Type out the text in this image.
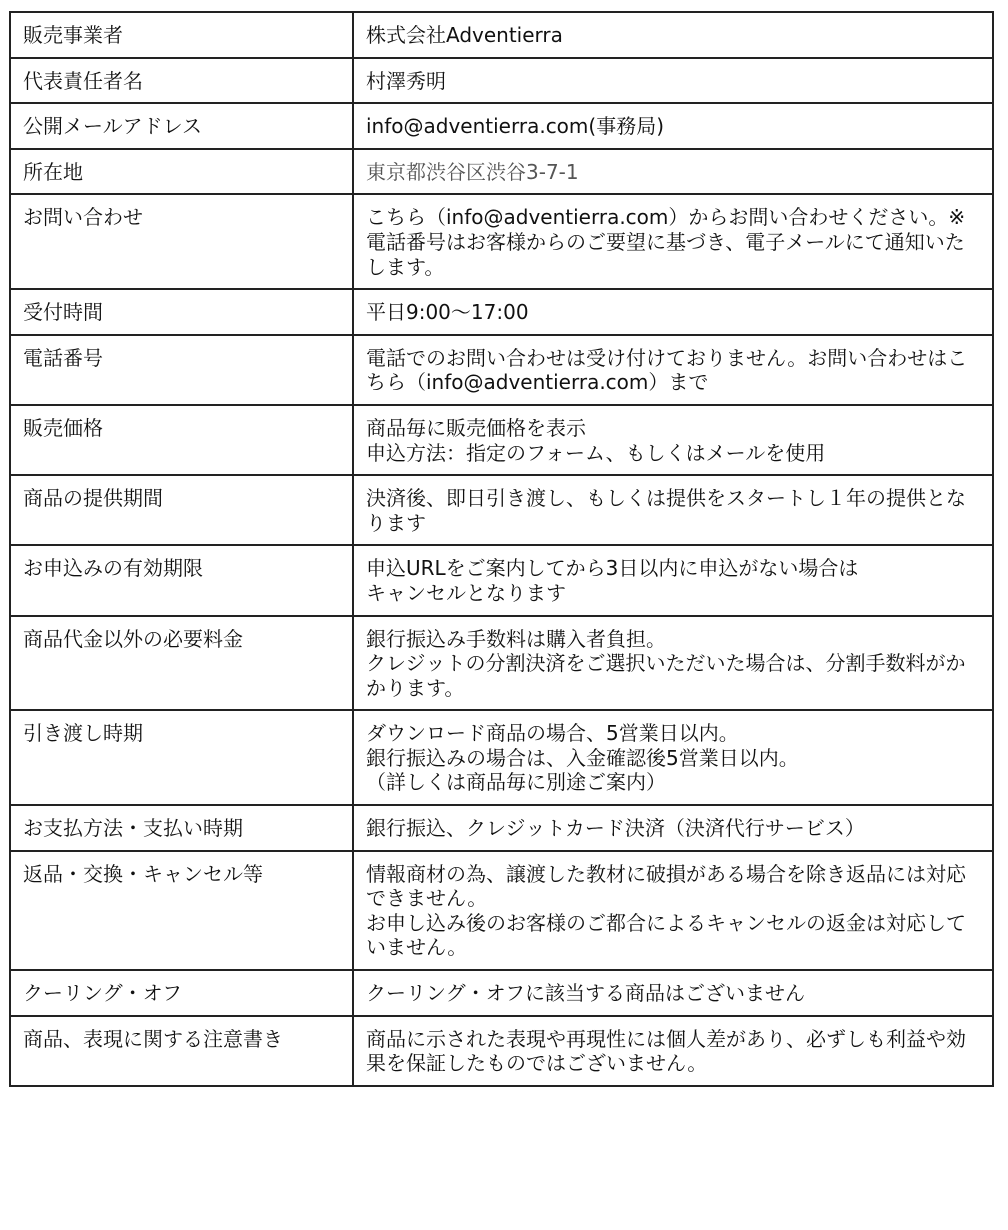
販売事業者	株式会社Adventierra
代表責任者名	村澤秀明
公開メールアドレス	info@adventierra.com(事務局)
所在地	東京都渋谷区渋谷3-7-1
お問い合わせ	こちら（info@adventierra.com）からお問い合わせください。※電話番号はお客様からのご要望に基づき、電子メールにて通知いたします。
受付時間	平日9:00〜17:00
電話番号	電話でのお問い合わせは受け付けておりません。お問い合わせはこちら（info@adventierra.com）まで
販売価格	商品毎に販売価格を表示
申込方法：指定のフォーム、もしくはメールを使用
商品の提供期間	決済後、即日引き渡し、もしくは提供をスタートし１年の提供となります
お申込みの有効期限	申込URLをご案内してから3日以内に申込がない場合は
キャンセルとなります
商品代金以外の必要料金	銀行振込み手数料は購入者負担。
クレジットの分割決済をご選択いただいた場合は、分割手数料がかかります。
引き渡し時期	ダウンロード商品の場合、5営業日以内。
銀行振込みの場合は、入金確認後5営業日以内。
（詳しくは商品毎に別途ご案内）
お支払方法・支払い時期	銀行振込、クレジットカード決済（決済代行サービス）
返品・交換・キャンセル等	情報商材の為、譲渡した教材に破損がある場合を除き返品には対応できません。
お申し込み後のお客様のご都合によるキャンセルの返金は対応していません。
クーリング・オフ	クーリング・オフに該当する商品はございません
商品、表現に関する注意書き	商品に示された表現や再現性には個人差があり、必ずしも利益や効果を保証したものではございません。
